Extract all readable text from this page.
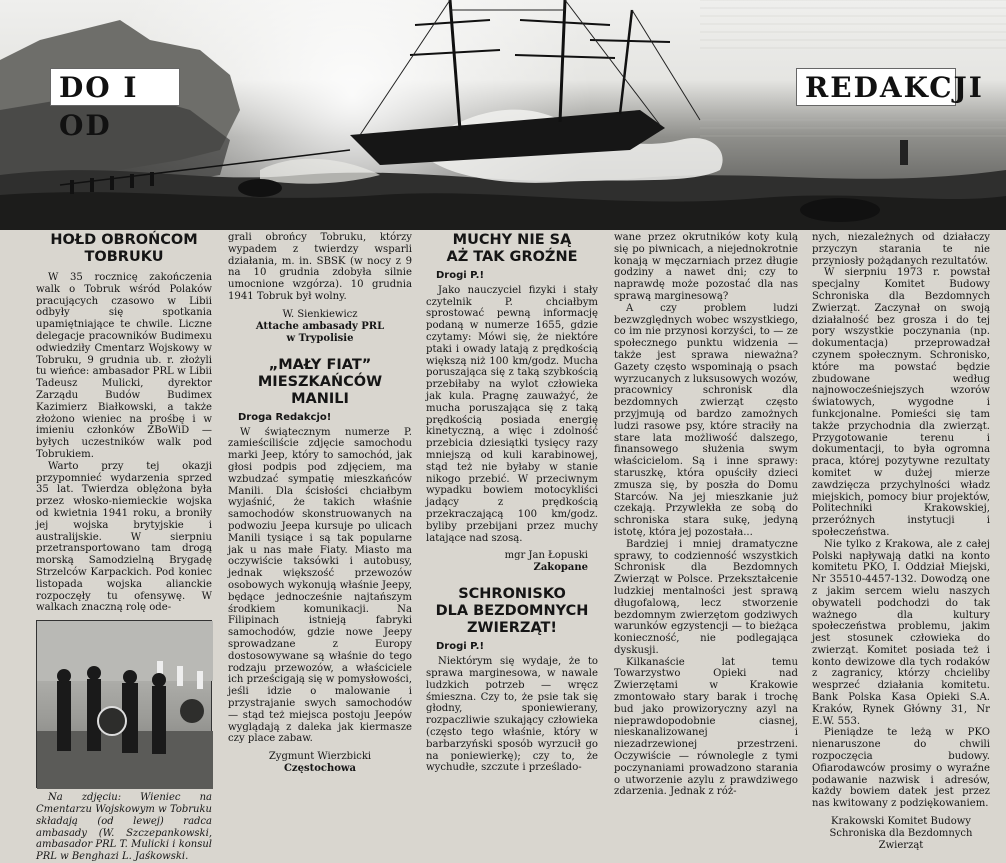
DO I OD
REDAKCJI
HOŁD OBROŃCOM
TOBRUKU

W 35 rocznicę zakończenia walk o Tobruk wśród Polaków pracujących czasowo w Libii odbyły się spotkania upamiętniające te chwile. Liczne delegacje pracowników Budimexu odwiedziły Cmentarz Wojskowy w Tobruku, 9 grudnia ub. r. złożyli tu wieńce: ambasador PRL w Libii Tadeusz Mulicki, dyrektor Zarządu Budów Budimex Kazimierz Białkowski, a także złożono wieniec na prośbę i w imieniu członków ZBoWiD — byłych uczestników walk pod Tobrukiem.

Warto przy tej okazji przypomnieć wydarzenia sprzed 35 lat. Twierdza oblężona była przez włosko-niemieckie wojska od kwietnia 1941 roku, a broniły jej wojska brytyjskie i australijskie. W sierpniu przetransportowano tam drogą morską Samodzielną Brygadę Strzelców Karpackich. Pod koniec listopada wojska alianckie rozpoczęły tu ofensywę. W walkach znaczną rolę ode-

Na zdjęciu: Wieniec na Cmentarzu Wojskowym w Tobruku składają (od lewej) radca ambasady (W. Szczepankowski, ambasador PRL T. Mulicki i konsul PRL w Benghazi L. Jaśkowski.

grali obrońcy Tobruku, którzy wypadem z twierdzy wsparli działania, m. in. SBSK (w nocy z 9 na 10 grudnia zdobyła silnie umocnione wzgórza). 10 grudnia 1941 Tobruk był wolny.

W. Sienkiewicz
Attache ambasady PRL
w Trypolisie
„MAŁY FIAT”
MIESZKAŃCÓW MANILI
Droga Redakcjo!

W świątecznym numerze P. zamieściliście zdjęcie samochodu marki Jeep, który to samochód, jak głosi podpis pod zdjęciem, ma wzbudzać sympatię mieszkańców Manili. Dla ścisłości chciałbym wyjaśnić, że takich właśnie samochodów skonstruowanych na podwoziu Jeepa kursuje po ulicach Manili tysiące i są tak popularne jak u nas małe Fiaty. Miasto ma oczywiście taksówki i autobusy, jednak większość przewozów osobowych wykonują właśnie Jeepy, będące jednocześnie najtańszym środkiem komunikacji. Na Filipinach istnieją fabryki samochodów, gdzie nowe Jeepy sprowadzane z Europy dostosowywane są właśnie do tego rodzaju przewozów, a właściciele ich prześcigają się w pomysłowości, jeśli idzie o malowanie i przystrajanie swych samochodów — stąd też miejsca postoju Jeepów wyglądają z daleka jak kiermasze czy place zabaw.

Zygmunt Wierzbicki
Częstochowa
MUCHY NIE SĄ
AŻ TAK GROŹNE
Drogi P.!

Jako nauczyciel fizyki i stały czytelnik P. chciałbym sprostować pewną informację podaną w numerze 1655, gdzie czytamy: Mówi się, że niektóre ptaki i owady latają z prędkością większą niż 100 km/godz. Mucha poruszająca się z taką szybkością przebiłaby na wylot człowieka jak kula. Pragnę zauważyć, że mucha poruszająca się z taką prędkością posiada energię kinetyczną, a więc i zdolność przebicia dziesiątki tysięcy razy mniejszą od kuli karabinowej, stąd też nie byłaby w stanie nikogo przebić. W przeciwnym wypadku bowiem motocykliści jadący z prędkością przekraczającą 100 km/godz. byliby przebijani przez muchy latające nad szosą.

mgr Jan Łopuski
Zakopane
SCHRONISKO
DLA BEZDOMNYCH
ZWIERZĄT!
Drogi P.!

Niektórym się wydaje, że to sprawa marginesowa, w nawale ludzkich potrzeb — wręcz śmieszna. Czy to, że psie tak się głodny, sponiewierany, rozpaczliwie szukający człowieka (często tego właśnie, który w barbarzyński sposób wyrzucił go na poniewierkę); czy to, że wychudłe, szczute i prześlado-

wane przez okrutników koty kulą się po piwnicach, a niejednokrotnie konają w męczarniach przez długie godziny a nawet dni; czy to naprawdę może pozostać dla nas sprawą marginesową?

A czy problem ludzi bezwzględnych wobec wszystkiego, co im nie przynosi korzyści, to — ze społecznego punktu widzenia — także jest sprawa nieważna? Gazety często wspominają o psach wyrzucanych z luksusowych wozów, pracownicy schronisk dla bezdomnych zwierząt często przyjmują od bardzo zamożnych ludzi rasowe psy, które straciły na stare lata możliwość dalszego, finansowego służenia swym właścicielom. Są i inne sprawy: staruszkę, która opuściły dzieci zmusza się, by poszła do Domu Starców. Na jej mieszkanie już czekają. Przywlekła ze sobą do schroniska stara sukę, jedyną istotę, która jej pozostała...

Bardziej i mniej dramatyczne sprawy, to codzienność wszystkich Schronisk dla Bezdomnych Zwierząt w Polsce. Przekształcenie ludzkiej mentalności jest sprawą długofalową, lecz stworzenie bezdomnym zwierzętom godziwych warunków egzystencji — to bieżąca konieczność, nie podlegająca dyskusji.

Kilkanaście lat temu Towarzystwo Opieki nad Zwierzętami w Krakowie zmontowało stary barak i trochę bud jako prowizoryczny azyl na nieprawdopodobnie ciasnej, nieskanalizowanej i niezadrzewionej przestrzeni. Oczywiście — równolegle z tymi poczynaniami prowadzono starania o utworzenie azylu z prawdziwego zdarzenia. Jednak z róż-

nych, niezależnych od działaczy przyczyn starania te nie przyniosły pożądanych rezultatów.

W sierpniu 1973 r. powstał specjalny Komitet Budowy Schroniska dla Bezdomnych Zwierząt. Zaczynał on swoją działalność bez grosza i do tej pory wszystkie poczynania (np. dokumentacja) przeprowadzał czynem społecznym. Schronisko, które ma powstać będzie zbudowane według najnowocześniejszych wzorów światowych, wygodne i funkcjonalne. Pomieści się tam także przychodnia dla zwierząt. Przygotowanie terenu i dokumentacji, to była ogromna praca, której pozytywne rezultaty komitet w dużej mierze zawdzięcza przychylności władz miejskich, pomocy biur projektów, Politechniki Krakowskiej, przeróżnych instytucji i społeczeństwa.

Nie tylko z Krakowa, ale z całej Polski napływają datki na konto komitetu PKO, I. Oddział Miejski, Nr 35510-4457-132. Dowodzą one z jakim sercem wielu naszych obywateli podchodzi do tak ważnego dla kultury społeczeństwa problemu, jakim jest stosunek człowieka do zwierząt. Komitet posiada też i konto dewizowe dla tych rodaków z zagranicy, którzy chcieliby wesprzeć działania komitetu. Bank Polska Kasa Opieki S.A. Kraków, Rynek Główny 31, Nr E.W. 553.

Pieniądze te leżą w PKO nienaruszone do chwili rozpoczęcia budowy. Ofiarodawców prosimy o wyraźne podawanie nazwisk i adresów, każdy bowiem datek jest przez nas kwitowany z podziękowaniem.

Krakowski Komitet Budowy
Schroniska dla Bezdomnych
Zwierząt
